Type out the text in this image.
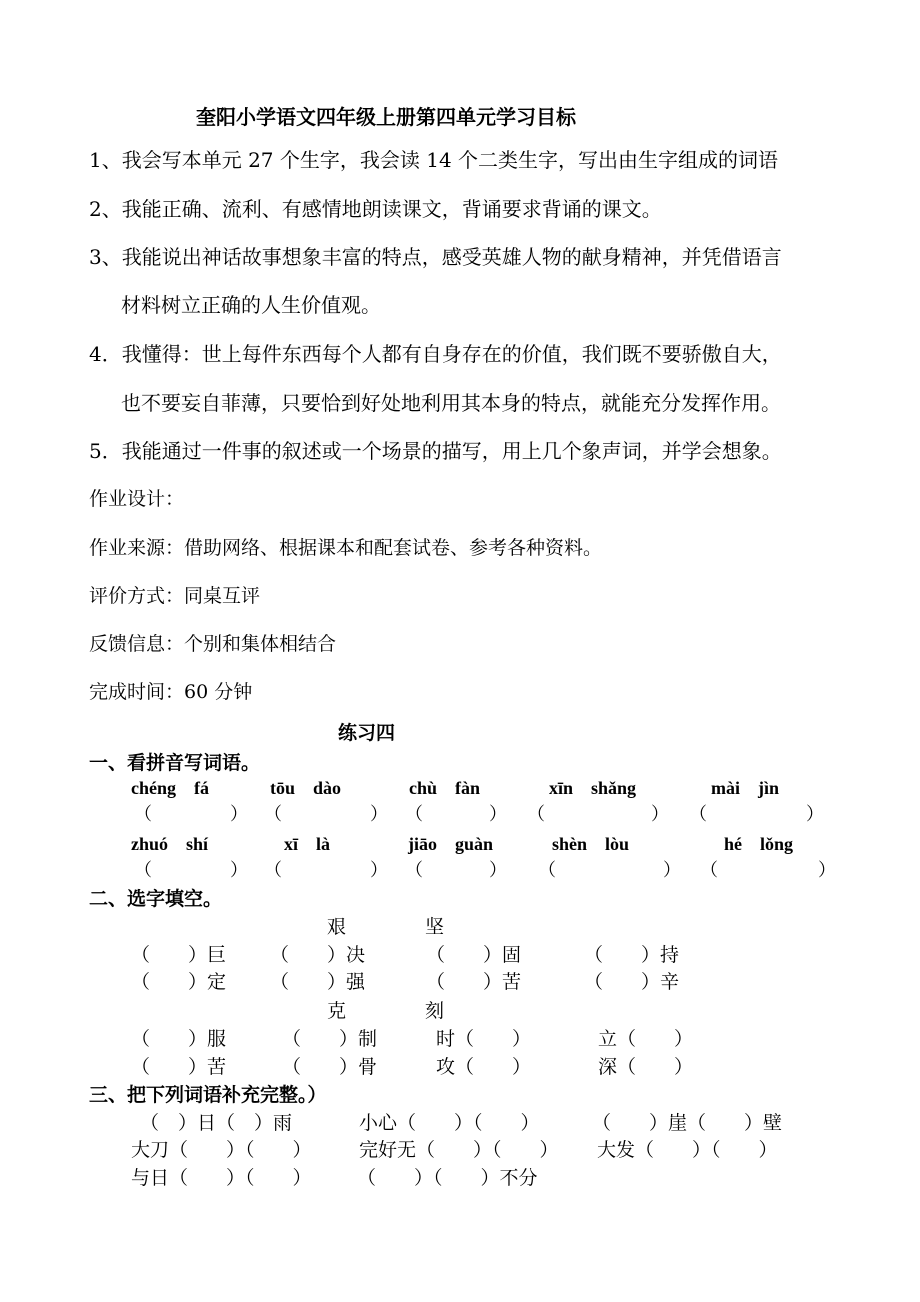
奎阳小学语文四年级上册第四单元学习目标
1、我会写本单元 27 个生字，我会读 14 个二类生字，写出由生字组成的词语
2、我能正确、流利、有感情地朗读课文，背诵要求背诵的课文。
3、我能说出神话故事想象丰富的特点，感受英雄人物的献身精神，并凭借语言
材料树立正确的人生价值观。
4．我懂得：世上每件东西每个人都有自身存在的价值，我们既不要骄傲自大，
也不要妄自菲薄，只要恰到好处地利用其本身的特点，就能充分发挥作用。
5．我能通过一件事的叙述或一个场景的描写，用上几个象声词，并学会想象。
作业设计：
作业来源：借助网络、根据课本和配套试卷、参考各种资料。
评价方式：同桌互评
反馈信息：个别和集体相结合
完成时间：60 分钟
练习四
一、看拼音写词语。
chéng　fá	tōu　dào	chù　fàn	xīn　shǎng	mài　jìn
（	） （	） （	） （	） （	）
zhuó　shí	xī　là	jiāo　guàn	shèn　lòu	hé　lǒng
（	） （	） （	） （	） （	）
二、选字填空。
艰	坚
（　　）巨 （　　）决	（　　）固	（　　）持
（　　）定 （　　）强	（　　）苦	（　　）辛
克	刻
（　　）服	（　　）制	时（　　）	立（　　）
（　　）苦	（　　）骨	攻（　　）	深（　　）
三、把下列词语补充完整。）
（　）日（　）雨	小心（　　）（　　）	（　　）崖（　　）壁
大刀（　　）（　　） 完好无（　　）（　　） 大发（　　）（　　）
与日（　　）（　　） （　　）（　　）不分
